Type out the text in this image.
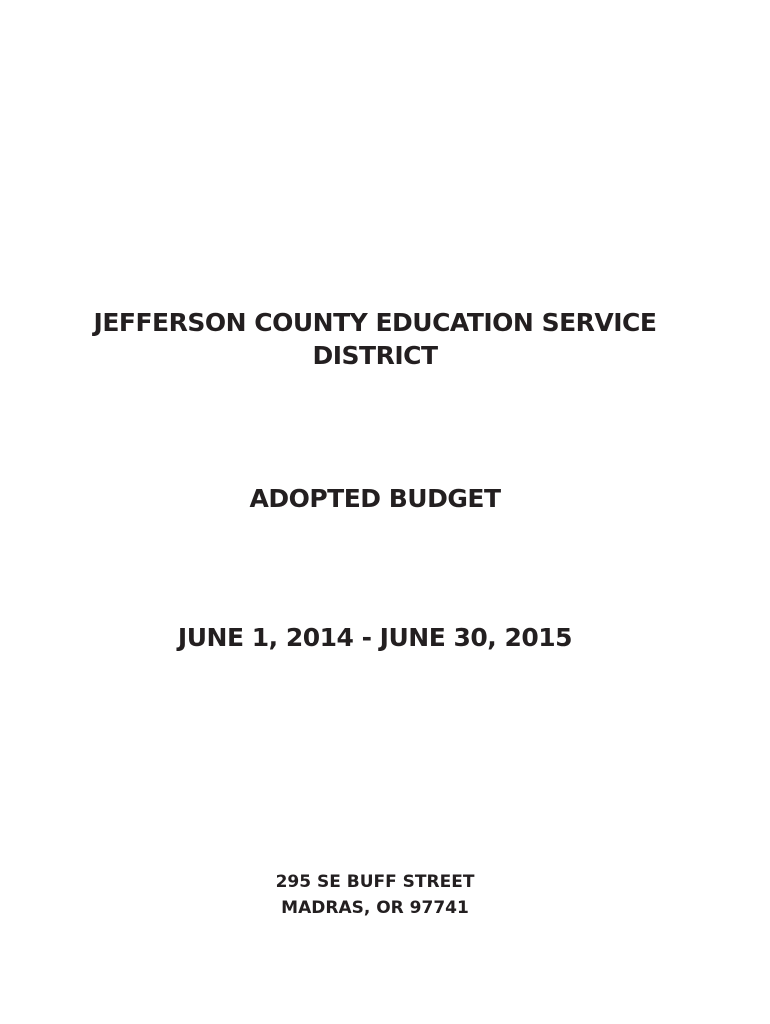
JEFFERSON COUNTY EDUCATION SERVICE
DISTRICT
ADOPTED BUDGET
JUNE 1, 2014 - JUNE 30, 2015
295 SE BUFF STREET
MADRAS, OR 97741
